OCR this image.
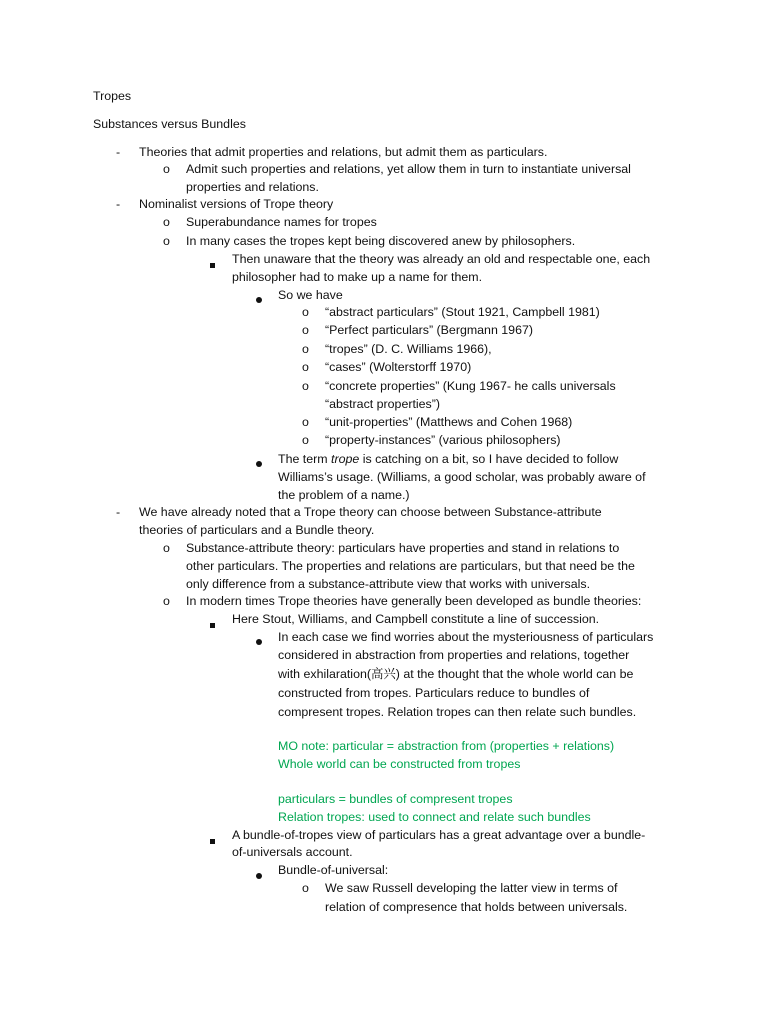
Tropes
Substances versus Bundles
-
o
-
o
o
o
o
o
o
o
o
o
-
o
o
o
Theories that admit properties and relations, but admit them as particulars.
Admit such properties and relations, yet allow them in turn to instantiate universal
properties and relations.
Nominalist versions of Trope theory
Superabundance names for tropes
In many cases the tropes kept being discovered anew by philosophers.
Then unaware that the theory was already an old and respectable one, each
philosopher had to make up a name for them.
So we have
“abstract particulars” (Stout 1921, Campbell 1981)
“Perfect particulars” (Bergmann 1967)
“tropes” (D. C. Williams 1966),
“cases” (Wolterstorff 1970)
“concrete properties” (Kung 1967- he calls universals
“abstract properties”)
“unit-properties” (Matthews and Cohen 1968)
“property-instances” (various philosophers)
The term trope is catching on a bit, so I have decided to follow
Williams’s usage. (Williams, a good scholar, was probably aware of
the problem of a name.)
We have already noted that a Trope theory can choose between Substance-attribute
theories of particulars and a Bundle theory.
Substance-attribute theory: particulars have properties and stand in relations to
other particulars. The properties and relations are particulars, but that need be the
only difference from a substance-attribute view that works with universals.
In modern times Trope theories have generally been developed as bundle theories:
Here Stout, Williams, and Campbell constitute a line of succession.
In each case we find worries about the mysteriousness of particulars
considered in abstraction from properties and relations, together
with exhilaration(高兴) at the thought that the whole world can be
constructed from tropes. Particulars reduce to bundles of
compresent tropes. Relation tropes can then relate such bundles.
MO note: particular = abstraction from (properties + relations)
Whole world can be constructed from tropes
particulars = bundles of compresent tropes
Relation tropes: used to connect and relate such bundles
A bundle-of-tropes view of particulars has a great advantage over a bundle-
of-universals account.
Bundle-of-universal:
We saw Russell developing the latter view in terms of
relation of compresence that holds between universals.
